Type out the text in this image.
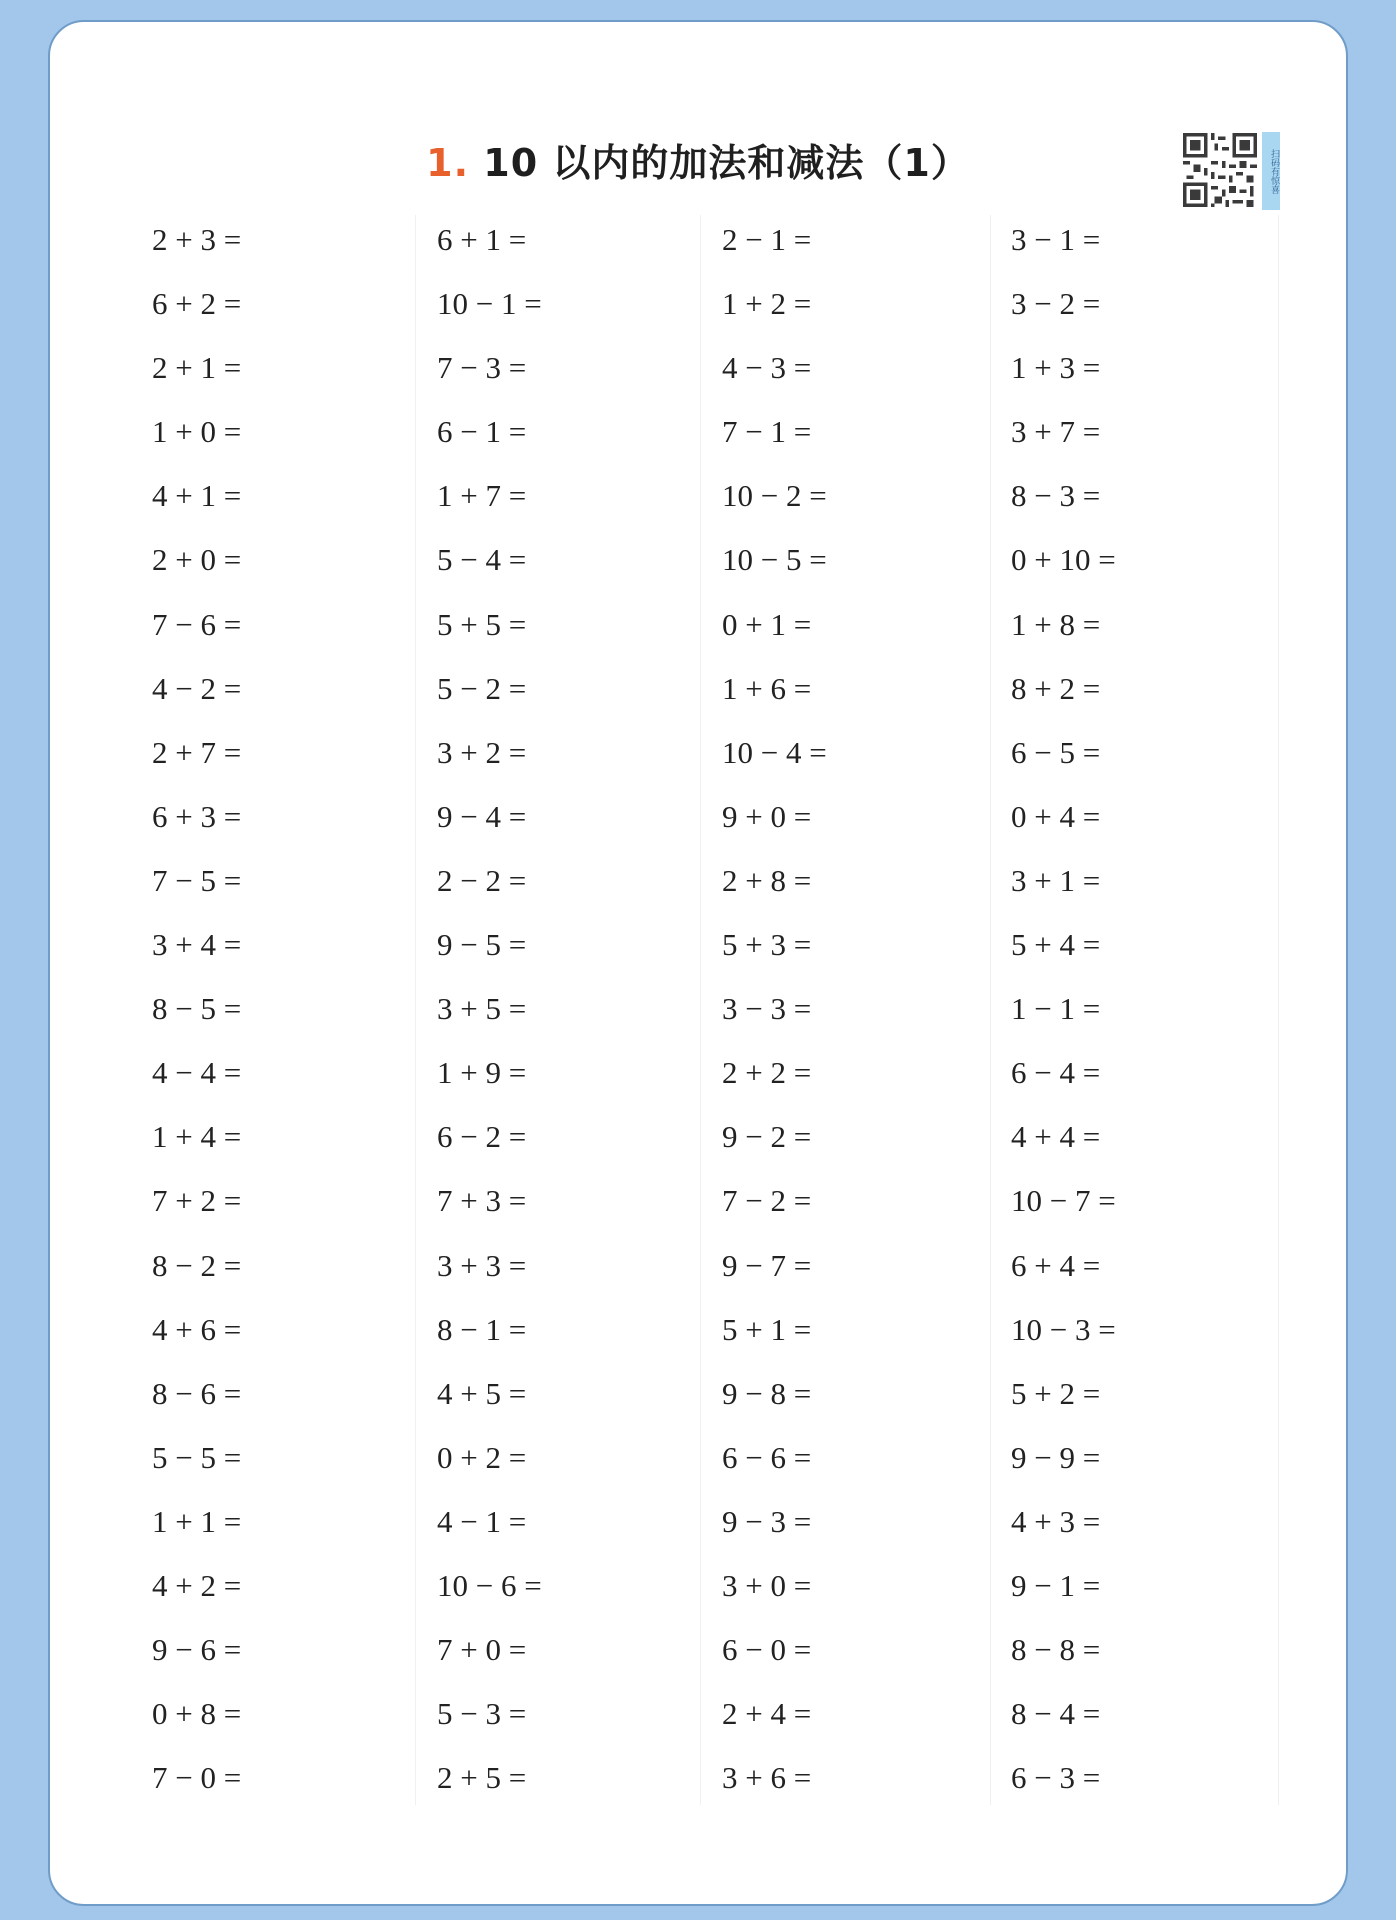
1. 10 以内的加法和减法（1）	扫码有惊喜
2 + 3 =
6 + 2 =
2 + 1 =
1 + 0 =
4 + 1 =
2 + 0 =
7 − 6 =
4 − 2 =
2 + 7 =
6 + 3 =
7 − 5 =
3 + 4 =
8 − 5 =
4 − 4 =
1 + 4 =
7 + 2 =
8 − 2 =
4 + 6 =
8 − 6 =
5 − 5 =
1 + 1 =
4 + 2 =
9 − 6 =
0 + 8 =
7 − 0 =
6 + 1 =
10 − 1 =
7 − 3 =
6 − 1 =
1 + 7 =
5 − 4 =
5 + 5 =
5 − 2 =
3 + 2 =
9 − 4 =
2 − 2 =
9 − 5 =
3 + 5 =
1 + 9 =
6 − 2 =
7 + 3 =
3 + 3 =
8 − 1 =
4 + 5 =
0 + 2 =
4 − 1 =
10 − 6 =
7 + 0 =
5 − 3 =
2 + 5 =
2 − 1 =
1 + 2 =
4 − 3 =
7 − 1 =
10 − 2 =
10 − 5 =
0 + 1 =
1 + 6 =
10 − 4 =
9 + 0 =
2 + 8 =
5 + 3 =
3 − 3 =
2 + 2 =
9 − 2 =
7 − 2 =
9 − 7 =
5 + 1 =
9 − 8 =
6 − 6 =
9 − 3 =
3 + 0 =
6 − 0 =
2 + 4 =
3 + 6 =
3 − 1 =
3 − 2 =
1 + 3 =
3 + 7 =
8 − 3 =
0 + 10 =
1 + 8 =
8 + 2 =
6 − 5 =
0 + 4 =
3 + 1 =
5 + 4 =
1 − 1 =
6 − 4 =
4 + 4 =
10 − 7 =
6 + 4 =
10 − 3 =
5 + 2 =
9 − 9 =
4 + 3 =
9 − 1 =
8 − 8 =
8 − 4 =
6 − 3 =
